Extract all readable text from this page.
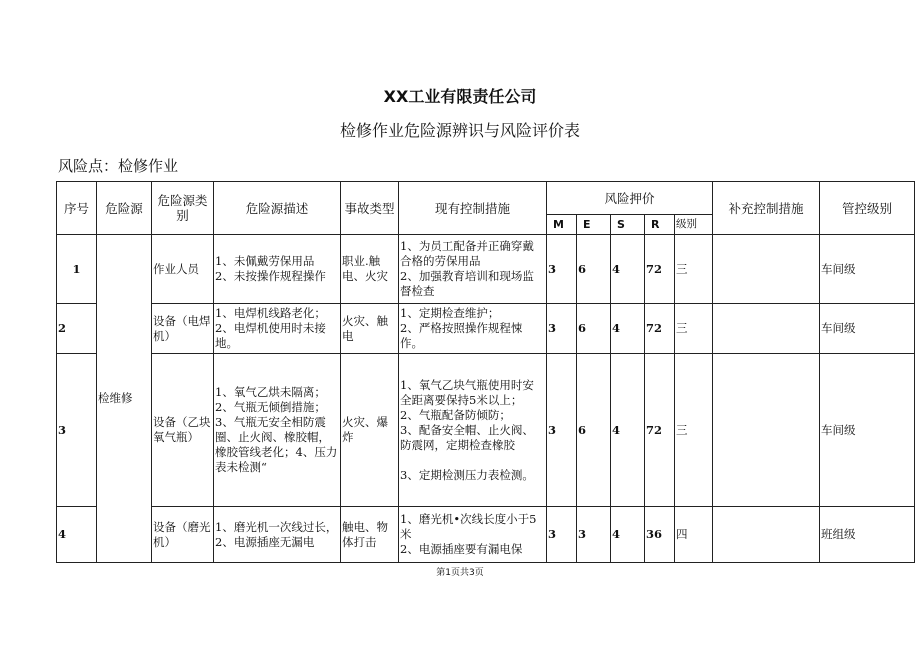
XX工业有限责任公司
检修作业危险源辨识与风险评价表
风险点：检修作业
序号	危险源	危险源类别	危险源描述	事故类型	现有控制措施	风险押价					补充控制措施	管控级别
						M	E	S	R	级别		
1	检维修	作业人员	1、未佩戴劳保用品
2、未按操作规程操作	职业.触电、火灾	1、为员工配备并正确穿戴合格的劳保用品
2、加强教育培训和现场监督检查	3	6	4	72	三		车间级
2		设备（电焊机）	1、电焊机线路老化；2、电焊机使用时未接地。	火灾、触电	1、定期检查维护；
2、严格按照操作规程悚作。	3	6	4	72	三		车间级
3		设备（乙块氧气瓶）	1、氧气乙烘未隔离；2、气瓶无倾倒措施；3、气瓶无安全相防震圈、止火阀、橡胶帽，橡胶管线老化；4、压力表未检测“	火灾、爆炸	1、氧气乙块气瓶使用时安全距离要保持5米以上；
2、气瓶配备防倾防；
3、配备安全帽、止火阀、防震网，定期检查橡胶

3、定期检测压力表检测。	3	6	4	72	三		车间级
4		设备（磨光机）	1、磨光机一次线过长，
2、电源插座无漏电	触电、物体打击	1、磨光机•次线长度小于5米
2、电源插座要有漏电保	3	3	4	36	四		班组级
第1页共3页
